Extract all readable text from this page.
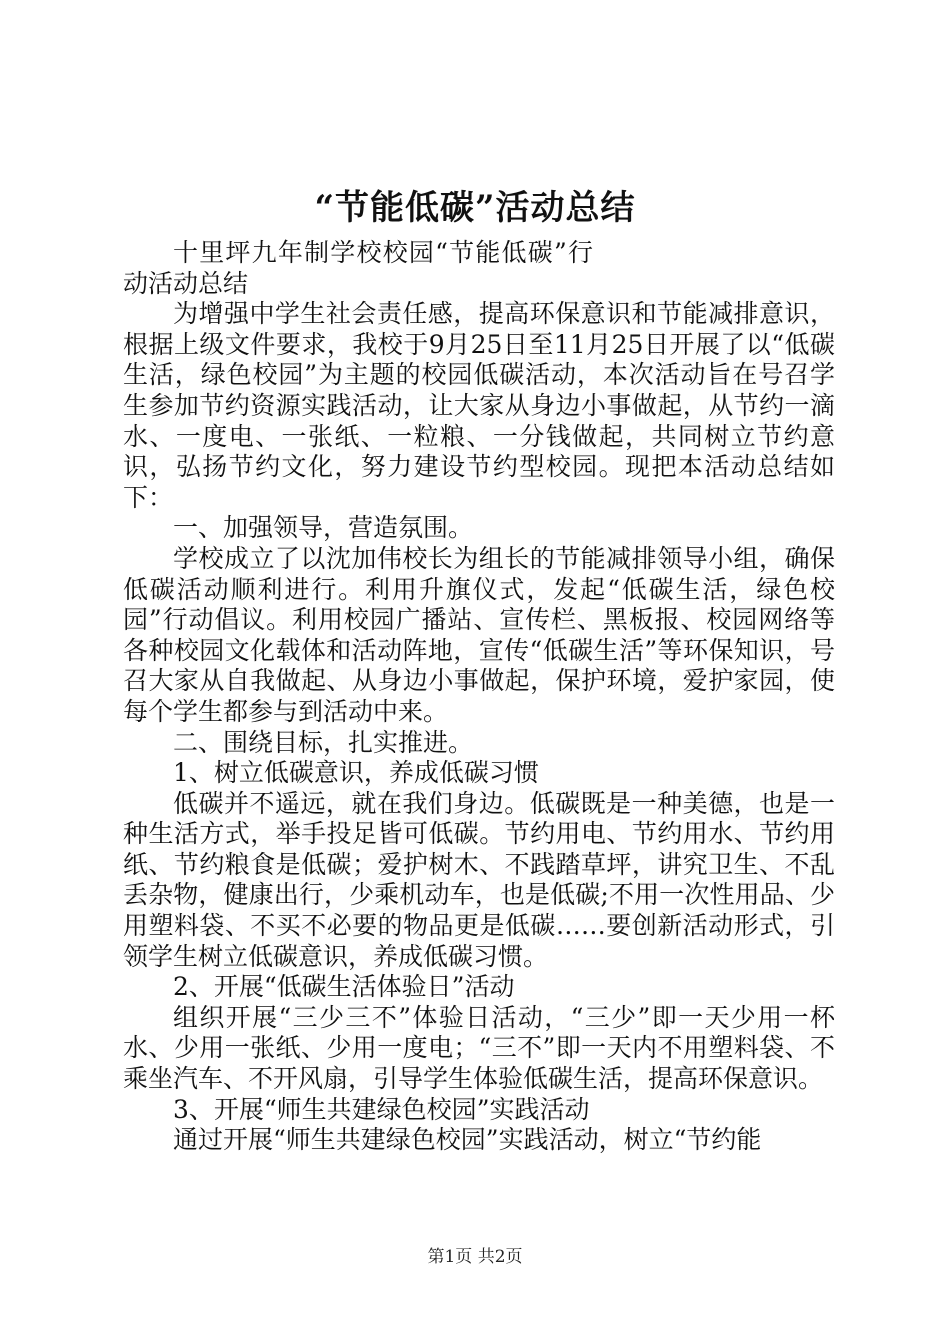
“节能低碳”活动总结

十里坪九年制学校校园“节能低碳”行动活动总结

为增强中学生社会责任感，提高环保意识和节能减排意识，根据上级文件要求，我校于9月25日至11月25日开展了以“低碳生活，绿色校园”为主题的校园低碳活动，本次活动旨在号召学生参加节约资源实践活动，让大家从身边小事做起，从节约一滴水、一度电、一张纸、一粒粮、一分钱做起，共同树立节约意识，弘扬节约文化，努力建设节约型校园。现把本活动总结如下：

一、加强领导，营造氛围。

学校成立了以沈加伟校长为组长的节能减排领导小组，确保低碳活动顺利进行。利用升旗仪式，发起“低碳生活，绿色校园”行动倡议。利用校园广播站、宣传栏、黑板报、校园网络等各种校园文化载体和活动阵地，宣传“低碳生活”等环保知识，号召大家从自我做起、从身边小事做起，保护环境，爱护家园，使每个学生都参与到活动中来。

二、围绕目标，扎实推进。

1、树立低碳意识，养成低碳习惯

低碳并不遥远，就在我们身边。低碳既是一种美德，也是一种生活方式，举手投足皆可低碳。节约用电、节约用水、节约用纸、节约粮食是低碳；爱护树木、不践踏草坪，讲究卫生、不乱丢杂物，健康出行，少乘机动车，也是低碳;不用一次性用品、少用塑料袋、不买不必要的物品更是低碳……要创新活动形式，引领学生树立低碳意识，养成低碳习惯。

2、开展“低碳生活体验日”活动

组织开展“三少三不”体验日活动，“三少”即一天少用一杯水、少用一张纸、少用一度电；“三不”即一天内不用塑料袋、不乘坐汽车、不开风扇，引导学生体验低碳生活，提高环保意识。

3、开展“师生共建绿色校园”实践活动

通过开展“师生共建绿色校园”实践活动，树立“节约能

第1页 共2页
